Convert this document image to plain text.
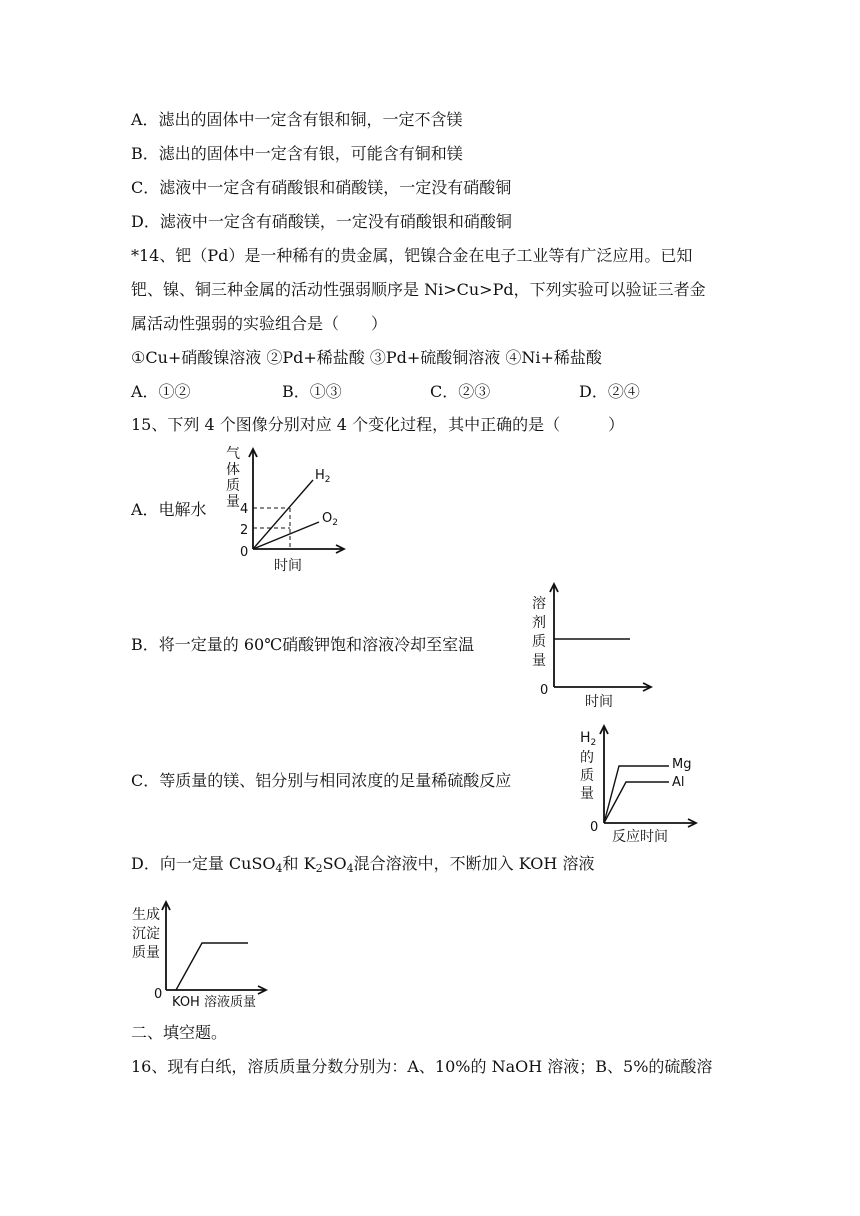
A．滤出的固体中一定含有银和铜，一定不含镁
B．滤出的固体中一定含有银，可能含有铜和镁
C．滤液中一定含有硝酸银和硝酸镁，一定没有硝酸铜
D．滤液中一定含有硝酸镁，一定没有硝酸银和硝酸铜
*14、钯（Pd）是一种稀有的贵金属，钯镍合金在电子工业等有广泛应用。已知
钯、镍、铜三种金属的活动性强弱顺序是 Ni>Cu>Pd，下列实验可以验证三者金
属活动性强弱的实验组合是（　　）
①Cu+硝酸镍溶液 ②Pd+稀盐酸 ③Pd+硫酸铜溶液 ④Ni+稀盐酸
A．①②	B．①③	C．②③	D．②④
15、下列 4 个图像分别对应 4 个变化过程，其中正确的是（　　　）
A．电解水
气
体
质
量 4
2
0
$H_2$
$O_2$
时间
B．将一定量的 60℃硝酸钾饱和溶液冷却至室温
溶
剂
质
量
0
时间
C．等质量的镁、铝分别与相同浓度的足量稀硫酸反应
$H_2$
的
质
量
0
Mg
Al
反应时间
D．向一定量 CuSO$_4$和 $K_2SO_4$混合溶液中，不断加入 KOH 溶液
生成
沉淀
质量
0
KOH 溶液质量
二、填空题。
16、现有白纸，溶质质量分数分别为：A、10%的 NaOH 溶液；B、5%的硫酸溶
